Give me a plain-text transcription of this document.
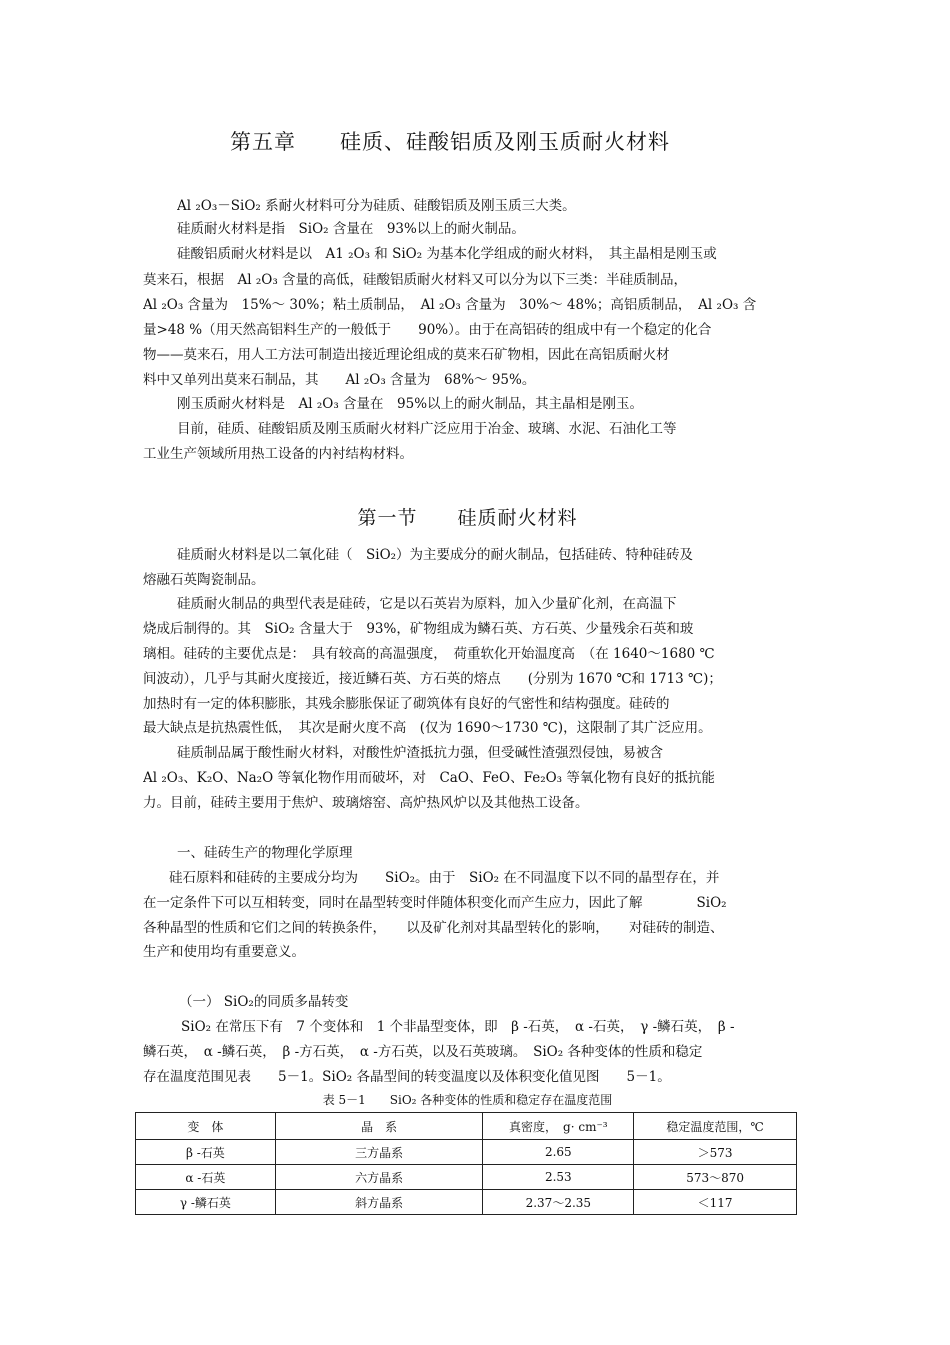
第五章　　硅质、硅酸铝质及刚玉质耐火材料
Al ₂O₃－SiO₂ 系耐火材料可分为硅质、硅酸铝质及刚玉质三大类。
硅质耐火材料是指　SiO₂ 含量在　93%以上的耐火制品。
硅酸铝质耐火材料是以　A1 ₂O₃ 和 SiO₂ 为基本化学组成的耐火材料，　其主晶相是刚玉或
莫来石，根据　Al ₂O₃ 含量的高低，硅酸铝质耐火材料又可以分为以下三类：半硅质制品，
Al ₂O₃ 含量为　15%～ 30%；粘土质制品，　Al ₂O₃ 含量为　30%～ 48%；高铝质制品，　Al ₂O₃ 含
量>48 %（用天然高铝料生产的一般低于　　90%）。由于在高铝砖的组成中有一个稳定的化合
物——莫来石，用人工方法可制造出接近理论组成的莫来石矿物相，因此在高铝质耐火材
料中又单列出莫来石制品，其　　Al ₂O₃ 含量为　68%～ 95%。
刚玉质耐火材料是　Al ₂O₃ 含量在　95%以上的耐火制品，其主晶相是刚玉。
目前，硅质、硅酸铝质及刚玉质耐火材料广泛应用于冶金、玻璃、水泥、石油化工等
工业生产领域所用热工设备的内衬结构材料。
第一节　　硅质耐火材料
硅质耐火材料是以二氧化硅（　SiO₂）为主要成分的耐火制品，包括硅砖、特种硅砖及
熔融石英陶瓷制品。
硅质耐火制品的典型代表是硅砖，它是以石英岩为原料，加入少量矿化剂，在高温下
烧成后制得的。其　SiO₂ 含量大于　93%，矿物组成为鳞石英、方石英、少量残余石英和玻
璃相。硅砖的主要优点是：　具有较高的高温强度，　荷重软化开始温度高　（在 1640～1680 ℃
间波动），几乎与其耐火度接近，接近鳞石英、方石英的熔点　　(分别为 1670 ℃和 1713 ℃)；
加热时有一定的体积膨胀，其残余膨胀保证了砌筑体有良好的气密性和结构强度。硅砖的
最大缺点是抗热震性低，　其次是耐火度不高　(仅为 1690～1730 ℃)，这限制了其广泛应用。
硅质制品属于酸性耐火材料，对酸性炉渣抵抗力强，但受碱性渣强烈侵蚀，易被含
Al ₂O₃、K₂O、Na₂O 等氧化物作用而破坏，对　CaO、FeO、Fe₂O₃ 等氧化物有良好的抵抗能
力。目前，硅砖主要用于焦炉、玻璃熔窑、高炉热风炉以及其他热工设备。
一、硅砖生产的物理化学原理
硅石原料和硅砖的主要成分均为　　SiO₂。由于　SiO₂ 在不同温度下以不同的晶型存在，并
在一定条件下可以互相转变，同时在晶型转变时伴随体积变化而产生应力，因此了解　　　　SiO₂
各种晶型的性质和它们之间的转换条件，　　以及矿化剂对其晶型转化的影响，　　对硅砖的制造、
生产和使用均有重要意义。
（一） SiO₂的同质多晶转变
SiO₂ 在常压下有　7 个变体和　1 个非晶型变体，即　β -石英，　α -石英，　γ -鳞石英，　β -
鳞石英，　α -鳞石英，　β -方石英，　α -方石英，以及石英玻璃。　SiO₂ 各种变体的性质和稳定
存在温度范围见表　　5－1。SiO₂ 各晶型间的转变温度以及体积变化值见图　　5－1。
表 5－1　　SiO₂ 各种变体的性质和稳定存在温度范围
变　体	晶　系	真密度，　g· cm⁻³	稳定温度范围，℃
β -石英	三方晶系	2.65	＞573
α -石英	六方晶系	2.53	573～870
γ -鳞石英	斜方晶系	2.37～2.35	＜117
